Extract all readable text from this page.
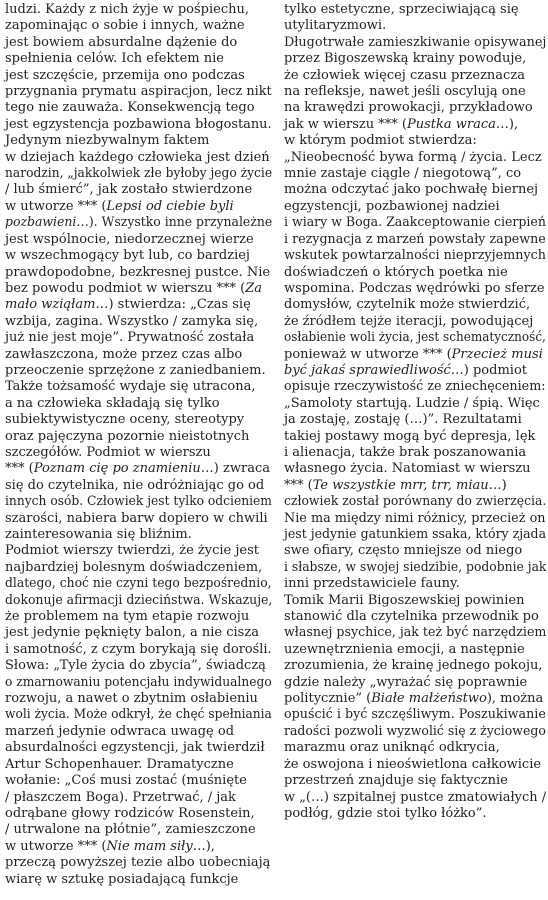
ludzi. Każdy z nich żyje w pośpiechu,
zapominając o sobie i innych, ważne
jest bowiem absurdalne dążenie do
spełnienia celów. Ich efektem nie
jest szczęście, przemija ono podczas
przygnania prymatu aspiracjon, lecz nikt
tego nie zauważa. Konsekwencją tego
jest egzystencja pozbawiona błogostanu.
Jedynym niezbywalnym faktem
w dziejach każdego człowieka jest dzień
narodzin, „jakkolwiek złe byłoby jego życie
/ lub śmierć”, jak zostało stwierdzone
w utworze *** (Lepsi od ciebie byli
pozbawieni…). Wszystko inne przynależne
jest wspólnocie, niedorzecznej wierze
w wszechmogący byt lub, co bardziej
prawdopodobne, bezkresnej pustce. Nie
bez powodu podmiot w wierszu *** (Za
mało wziąłam…) stwierdza: „Czas się
wzbija, zagina. Wszystko / zamyka się,
już nie jest moje”. Prywatność została
zawłaszczona, może przez czas albo
przeoczenie sprzężone z zaniedbaniem.
Także tożsamość wydaje się utracona,
a na człowieka składają się tylko
subiektywistyczne oceny, stereotypy
oraz pajęczyna pozornie nieistotnych
szczegółów. Podmiot w wierszu
*** (Poznam cię po znamieniu…) zwraca
się do czytelnika, nie odróżniając go od
innych osób. Człowiek jest tylko odcieniem
szarości, nabiera barw dopiero w chwili
zainteresowania się bliźnim.
Podmiot wierszy twierdzi, że życie jest
najbardziej bolesnym doświadczeniem,
dlatego, choć nie czyni tego bezpośrednio,
dokonuje afirmacji dzieciństwa. Wskazuje,
że problemem na tym etapie rozwoju
jest jedynie pęknięty balon, a nie cisza
i samotność, z czym borykają się dorośli.
Słowa: „Tyle życia do zbycia”, świadczą
o zmarnowaniu potencjału indywidualnego
rozwoju, a nawet o zbytnim osłabieniu
woli życia. Może odkrył, że chęć spełniania
marzeń jedynie odwraca uwagę od
absurdalności egzystencji, jak twierdził
Artur Schopenhauer. Dramatyczne
wołanie: „Coś musi zostać (muśnięte
/ płaszczem Boga). Przetrwać, / jak
odrąbane głowy rodziców Rosenstein,
/ utrwalone na płótnie”, zamieszczone
w utworze *** (Nie mam siły…),
przeczą powyższej tezie albo uobecniają
wiarę w sztukę posiadającą funkcje
tylko estetyczne, sprzeciwiającą się
utylitaryzmowi.
Długotrwałe zamieszkiwanie opisywanej
przez Bigoszewską krainy powoduje,
że człowiek więcej czasu przeznacza
na refleksje, nawet jeśli oscylują one
na krawędzi prowokacji, przykładowo
jak w wierszu *** (Pustka wraca…),
w którym podmiot stwierdza:
„Nieobecność bywa formą / życia. Lecz
mnie zastaje ciągle / niegotową”, co
można odczytać jako pochwałę biernej
egzystencji, pozbawionej nadziei
i wiary w Boga. Zaakceptowanie cierpień
i rezygnacja z marzeń powstały zapewne
wskutek powtarzalności nieprzyjemnych
doświadczeń o których poetka nie
wspomina. Podczas wędrówki po sferze
domysłów, czytelnik może stwierdzić,
że źródłem tejże iteracji, powodującej
osłabienie woli życia, jest schematyczność,
ponieważ w utworze *** (Przecież musi
być jakaś sprawiedliwość…) podmiot
opisuje rzeczywistość ze zniechęceniem:
„Samoloty startują. Ludzie / śpią. Więc
ja zostaję, zostaję (…)”. Rezultatami
takiej postawy mogą być depresja, lęk
i alienacja, także brak poszanowania
własnego życia. Natomiast w wierszu
*** (Te wszystkie mrr, trr, miau…)
człowiek został porównany do zwierzęcia.
Nie ma między nimi różnicy, przecież on
jest jedynie gatunkiem ssaka, który zjada
swe ofiary, często mniejsze od niego
i słabsze, w swojej siedzibie, podobnie jak
inni przedstawiciele fauny.
Tomik Marii Bigoszewskiej powinien
stanowić dla czytelnika przewodnik po
własnej psychice, jak też być narzędziem
uzewnętrznienia emocji, a następnie
zrozumienia, że krainę jednego pokoju,
gdzie należy „wyrażać się poprawnie
politycznie” (Białe małżeństwo), można
opuścić i być szczęśliwym. Poszukiwanie
radości pozwoli wyzwolić się z życiowego
marazmu oraz uniknąć odkrycia,
że oswojona i nieoświetlona całkowicie
przestrzeń znajduje się faktycznie
w „(…) szpitalnej pustce zmatowiałych /
podłóg, gdzie stoi tylko łóżko”.
